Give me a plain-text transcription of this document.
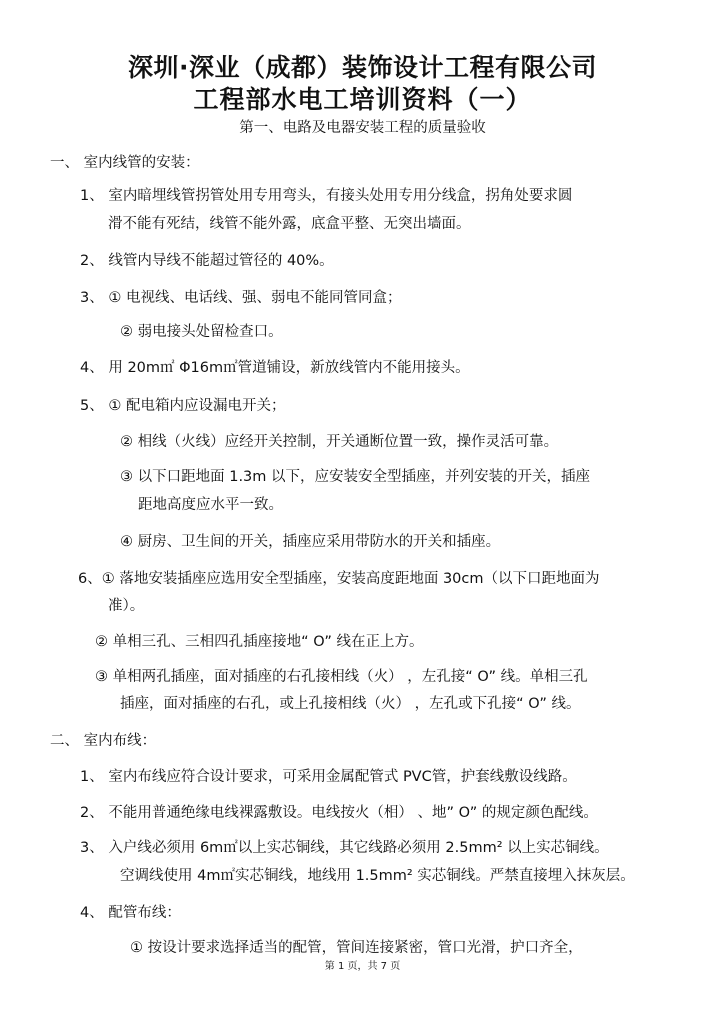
深圳·深业（成都）装饰设计工程有限公司
工程部水电工培训资料（一）
第一、电路及电器安装工程的质量验收
一、 室内线管的安装：
1、 室内暗埋线管拐管处用专用弯头，有接头处用专用分线盒，拐角处要求圆
滑不能有死结，线管不能外露，底盒平整、无突出墙面。
2、 线管内导线不能超过管径的 40%。
3、 ① 电视线、电话线、强、弱电不能同管同盒；
② 弱电接头处留检查口。
4、 用 20m㎡ Φ16m㎡管道铺设，新放线管内不能用接头。
5、 ① 配电箱内应设漏电开关；
② 相线（火线）应经开关控制，开关通断位置一致，操作灵活可靠。
③ 以下口距地面 1.3m 以下，应安装安全型插座，并列安装的开关，插座
距地高度应水平一致。
④ 厨房、卫生间的开关，插座应采用带防水的开关和插座。
6、① 落地安装插座应选用安全型插座，安装高度距地面 30cm（以下口距地面为
准）。
② 单相三孔、三相四孔插座接地“ O” 线在正上方。
③ 单相两孔插座，面对插座的右孔接相线（火） ，左孔接“ O” 线。单相三孔
插座，面对插座的右孔，或上孔接相线（火） ，左孔或下孔接“ O” 线。
二、 室内布线：
1、 室内布线应符合设计要求，可采用金属配管式 PVC管，护套线敷设线路。
2、 不能用普通绝缘电线裸露敷设。电线按火（相） 、地” O” 的规定颜色配线。
3、 入户线必须用 6m㎡以上实芯铜线，其它线路必须用 2.5mm² 以上实芯铜线。
空调线使用 4m㎡实芯铜线，地线用 1.5mm² 实芯铜线。严禁直接埋入抹灰层。
4、 配管布线：
① 按设计要求选择适当的配管，管间连接紧密，管口光滑，护口齐全，
第 1 页，共 7 页
